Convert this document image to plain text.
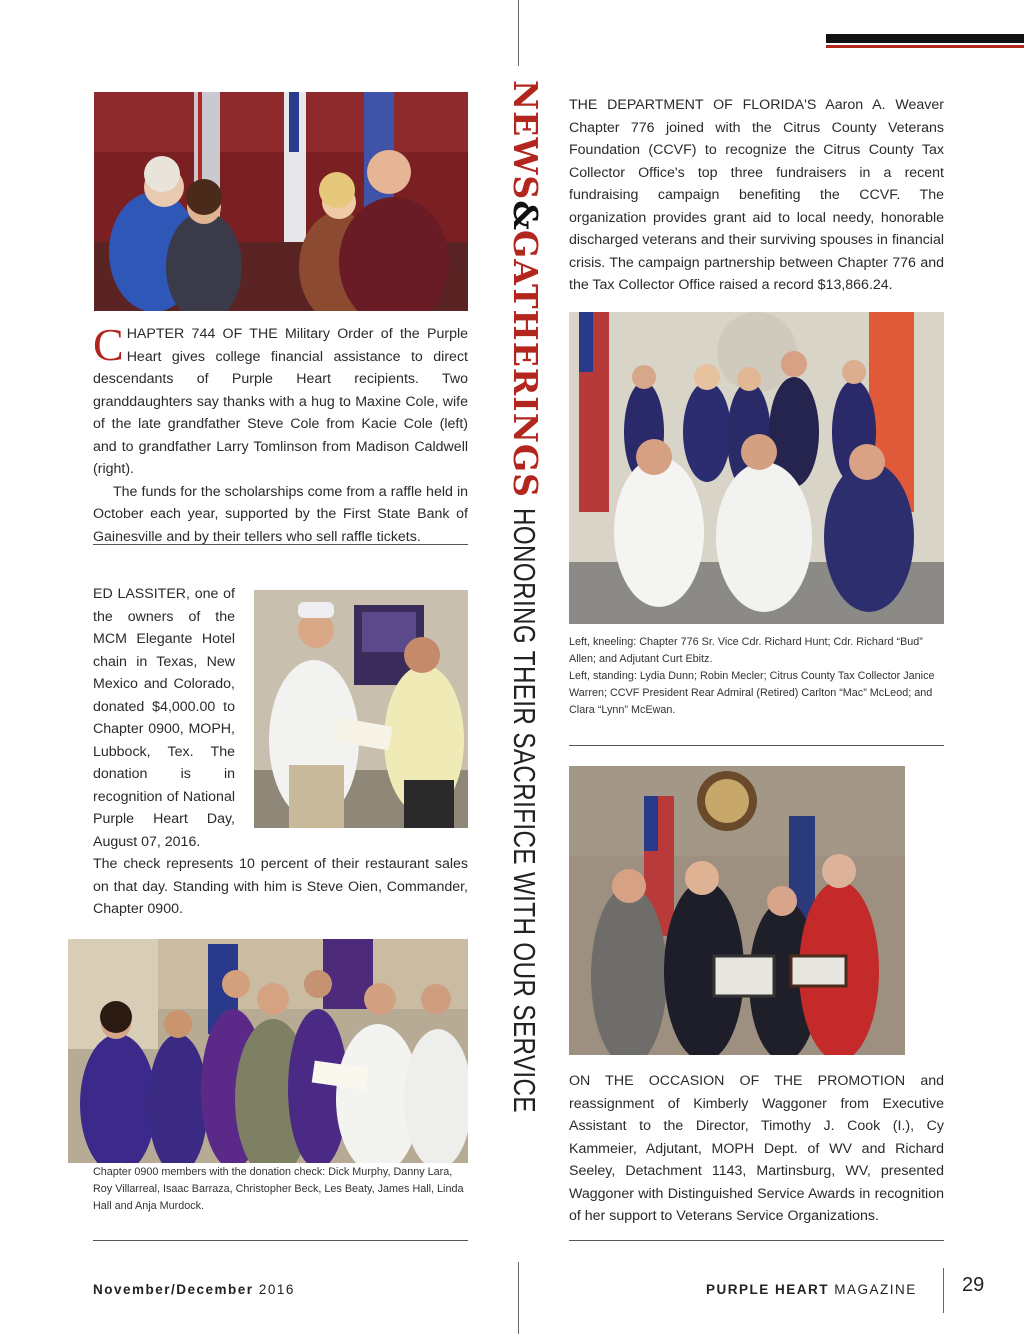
NEWS&GATHERINGSHONORING THEIR SACRIFICE WITH OUR SERVICE
CHAPTER 744 OF THE Military Order of the Purple Heart gives college financial assistance to direct descendants of Purple Heart recipients. Two granddaughters say thanks with a hug to Maxine Cole, wife of the late grandfather Steve Cole from Kacie Cole (left) and to grandfather Larry Tomlinson from Madison Caldwell (right).
The funds for the scholarships come from a raffle held in October each year, supported by the First State Bank of Gainesville and by their tellers who sell raffle tickets.
ED LASSITER, one of the owners of the MCM Elegante Hotel chain in Texas, New Mexico and Colorado, donated $4,000.00 to Chapter 0900, MOPH, Lubbock, Tex. The donation is in recognition of National Purple Heart Day, August 07, 2016.
The check represents 10 percent of their restaurant sales on that day. Standing with him is Steve Oien, Commander, Chapter 0900.
Chapter 0900 members with the donation check: Dick Murphy, Danny Lara, Roy Villarreal, Isaac Barraza, Christopher Beck, Les Beaty, James Hall, Linda Hall and Anja Murdock.
THE DEPARTMENT OF FLORIDA'S Aaron A. Weaver Chapter 776 joined with the Citrus County Veterans Foundation (CCVF) to recognize the Citrus County Tax Collector Office's top three fundraisers in a recent fundraising campaign benefiting the CCVF. The organization provides grant aid to local needy, honorable discharged veterans and their surviving spouses in financial crisis. The campaign partnership between Chapter 776 and the Tax Collector Office raised a record $13,866.24.
Left, kneeling: Chapter 776 Sr. Vice Cdr. Richard Hunt; Cdr. Richard “Bud” Allen; and Adjutant Curt Ebitz.
Left, standing: Lydia Dunn; Robin Mecler; Citrus County Tax Collector Janice Warren; CCVF President Rear Admiral (Retired) Carlton “Mac” McLeod; and Clara “Lynn” McEwan.
ON THE OCCASION OF THE PROMOTION and reassignment of Kimberly Waggoner from Executive Assistant to the Director, Timothy J. Cook (I.), Cy Kammeier, Adjutant, MOPH Dept. of WV and Richard Seeley, Detachment 1143, Martinsburg, WV, presented Waggoner with Distinguished Service Awards in recognition of her support to Veterans Service Organizations.
November/December 2016	PURPLE HEART MAGAZINE 29
